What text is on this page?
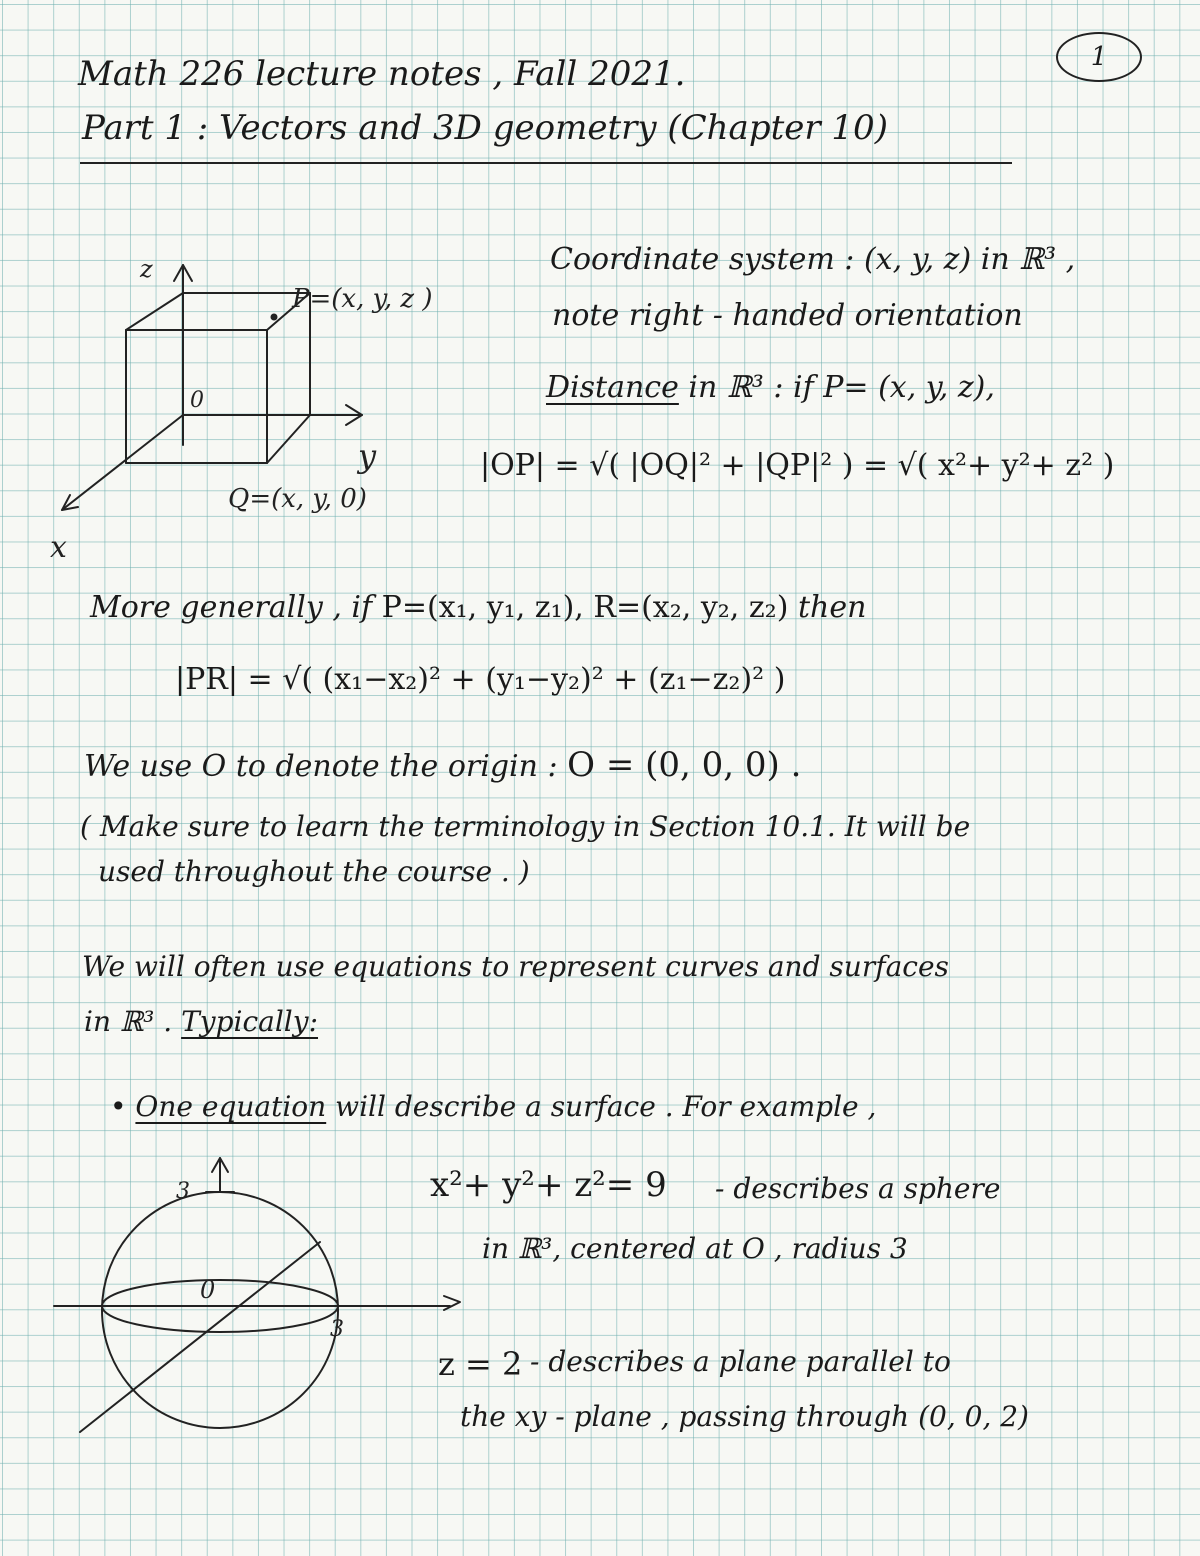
Math 226 lecture notes , Fall 2021.
Part 1 : Vectors and 3D geometry (Chapter 10)
1
z
0
P=(x, y, z )
y
Q=(x, y, 0)
x
Coordinate system : (x, y, z) in ℝ³ ,
note right - handed orientation
Distance in ℝ³ : if P= (x, y, z),
|OP| = √( |OQ|² + |QP|² ) = √( x²+ y²+ z² )
More generally , if P=(x₁, y₁, z₁), R=(x₂, y₂, z₂) then
|PR| = √( (x₁−x₂)² + (y₁−y₂)² + (z₁−z₂)² )
We use O to denote the origin : O = (0, 0, 0) .
( Make sure to learn the terminology in Section 10.1. It will be
used throughout the course . )
We will often use equations to represent curves and surfaces
in ℝ³ . Typically:
• One equation will describe a surface . For example ,
3
0
3
x²+ y²+ z²= 9 - describes a sphere
in ℝ³, centered at O , radius 3
z = 2 - describes a plane parallel to
the xy - plane , passing through (0, 0, 2)
